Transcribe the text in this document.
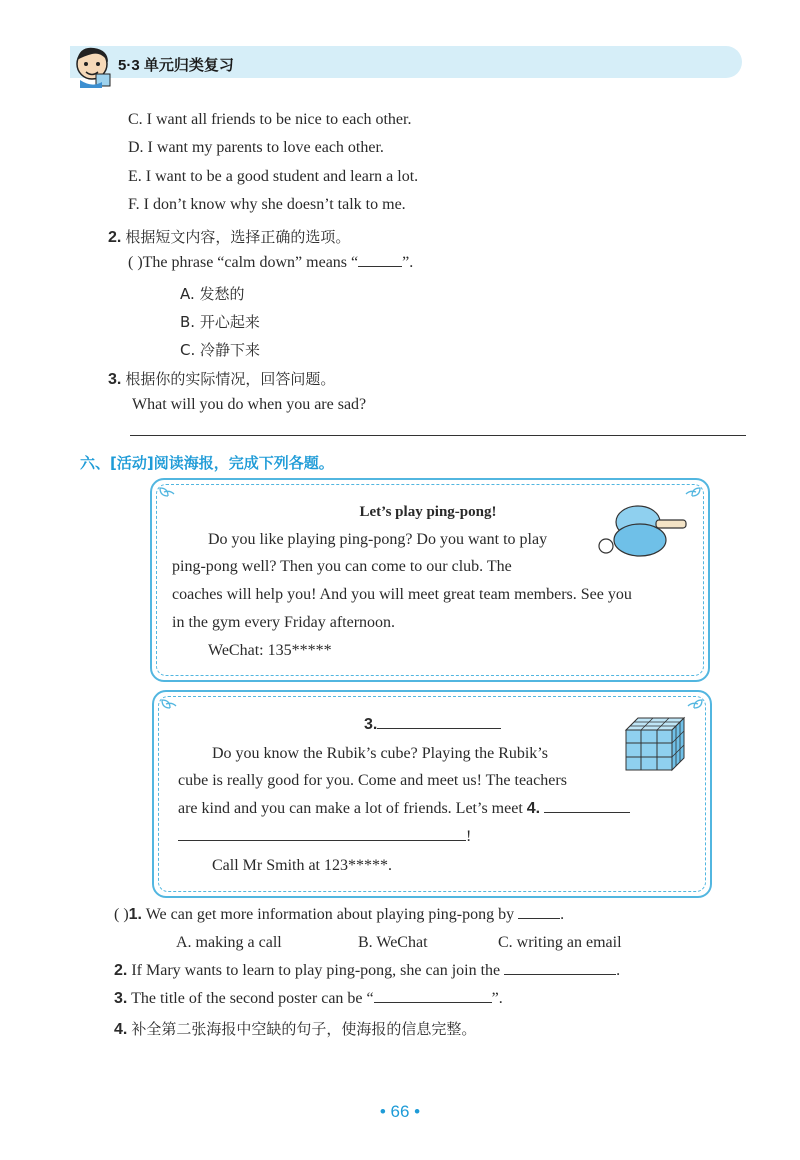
5·3 单元归类复习
C. I want all friends to be nice to each other.
D. I want my parents to love each other.
E. I want to be a good student and learn a lot.
F. I don’t know why she doesn’t talk to me.
2. 根据短文内容，选择正确的选项。
( )The phrase “calm down” means “	”.
A. 发愁的
B. 开心起来
C. 冷静下来
3. 根据你的实际情况，回答问题。
What will you do when you are sad?
六、[活动]阅读海报，完成下列各题。
Let’s play ping-pong!
Do you like playing ping-pong? Do you want to play
ping-pong well? Then you can come to our club. The
coaches will help you! And you will meet great team members. See you
in the gym every Friday afternoon.
WeChat: 135*****
3.
Do you know the Rubik’s cube? Playing the Rubik’s
cube is really good for you. Come and meet us! The teachers
are kind and you can make a lot of friends. Let’s meet 4.
!
Call Mr Smith at 123*****.
( )1. We can get more information about playing ping-pong by	.
A. making a call	B. WeChat	C. writing an email
2. If Mary wants to learn to play ping-pong, she can join the	.
3. The title of the second poster can be “	”.
4. 补全第二张海报中空缺的句子，使海报的信息完整。
• 66 •
